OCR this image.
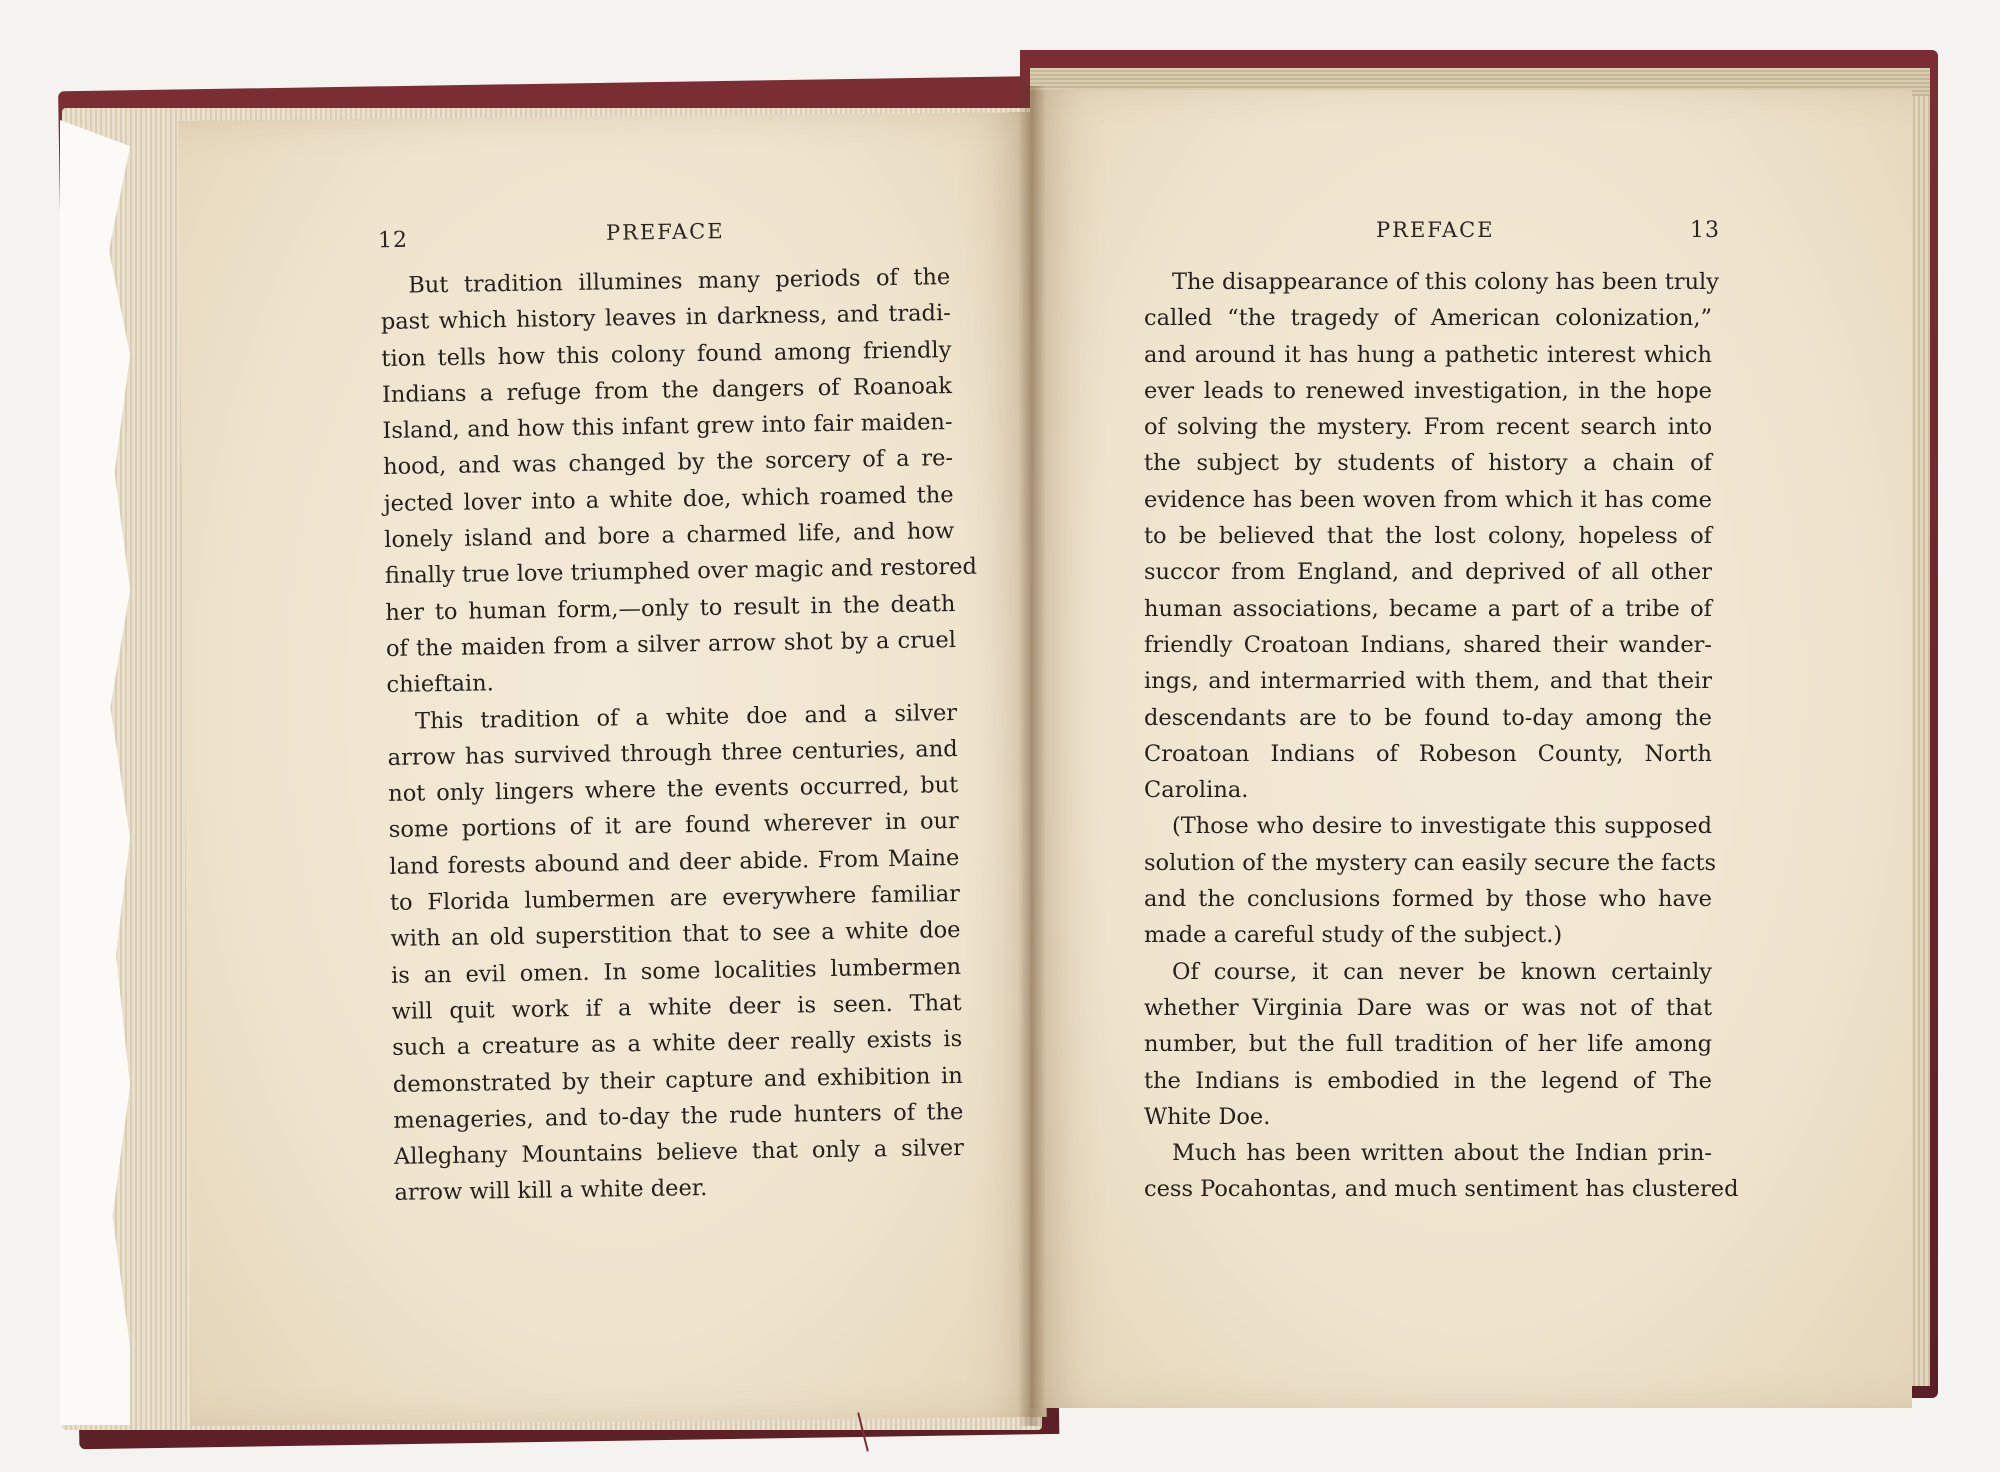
12	PREFACE	PREFACE	13
But tradition illumines many periods of the
past which history leaves in darkness, and tradi-
tion tells how this colony found among friendly
Indians a refuge from the dangers of Roanoak
Island, and how this infant grew into fair maiden-
hood, and was changed by the sorcery of a re-
jected lover into a white doe, which roamed the
lonely island and bore a charmed life, and how
finally true love triumphed over magic and restored
her to human form,—only to result in the death
of the maiden from a silver arrow shot by a cruel
chieftain.
This tradition of a white doe and a silver
arrow has survived through three centuries, and
not only lingers where the events occurred, but
some portions of it are found wherever in our
land forests abound and deer abide. From Maine
to Florida lumbermen are everywhere familiar
with an old superstition that to see a white doe
is an evil omen. In some localities lumbermen
will quit work if a white deer is seen. That
such a creature as a white deer really exists is
demonstrated by their capture and exhibition in
menageries, and to-day the rude hunters of the
Alleghany Mountains believe that only a silver
arrow will kill a white deer.
The disappearance of this colony has been truly
called “the tragedy of American colonization,”
and around it has hung a pathetic interest which
ever leads to renewed investigation, in the hope
of solving the mystery. From recent search into
the subject by students of history a chain of
evidence has been woven from which it has come
to be believed that the lost colony, hopeless of
succor from England, and deprived of all other
human associations, became a part of a tribe of
friendly Croatoan Indians, shared their wander-
ings, and intermarried with them, and that their
descendants are to be found to-day among the
Croatoan Indians of Robeson County, North
Carolina.
(Those who desire to investigate this supposed
solution of the mystery can easily secure the facts
and the conclusions formed by those who have
made a careful study of the subject.)
Of course, it can never be known certainly
whether Virginia Dare was or was not of that
number, but the full tradition of her life among
the Indians is embodied in the legend of The
White Doe.
Much has been written about the Indian prin-
cess Pocahontas, and much sentiment has clustered
